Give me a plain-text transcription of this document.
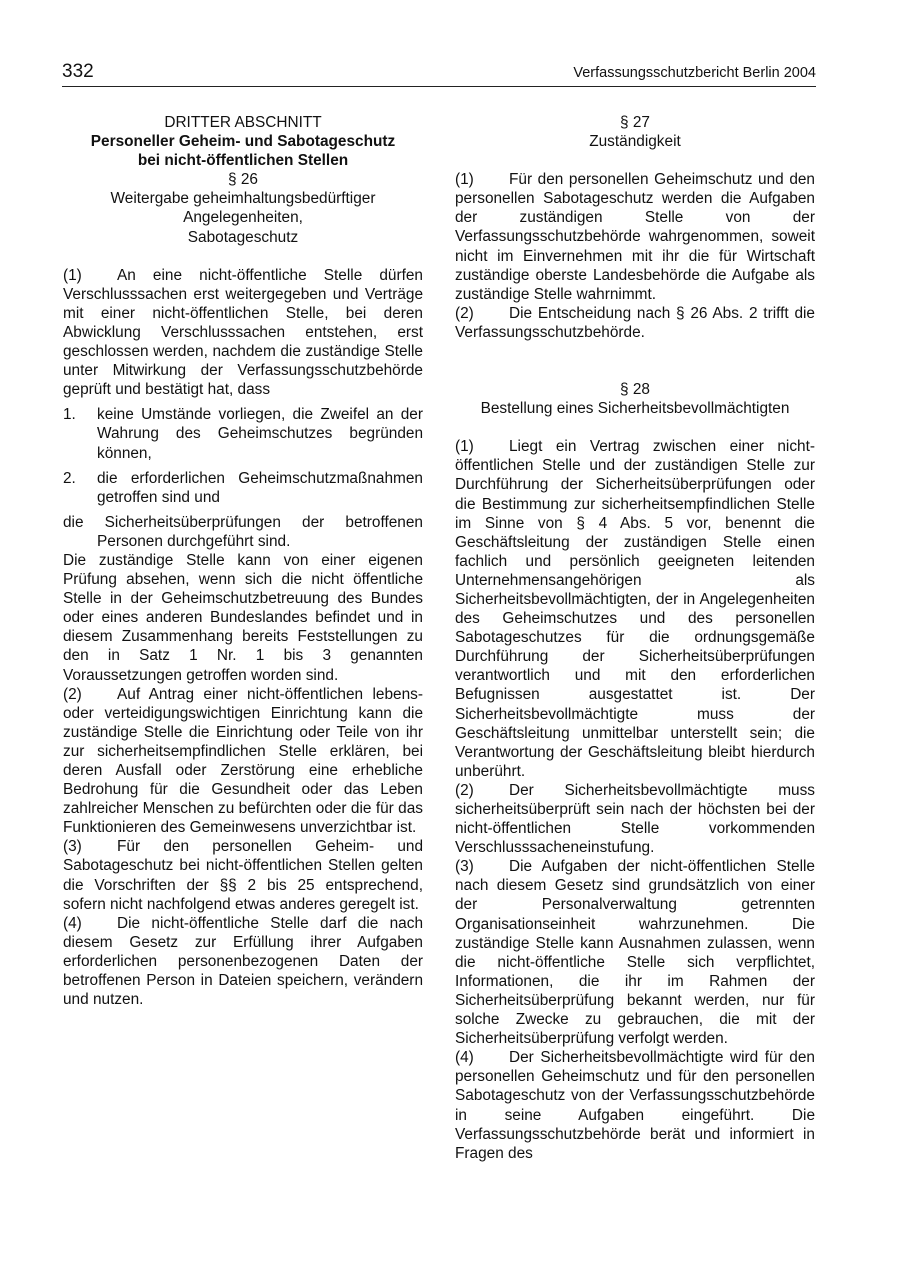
332	Verfassungsschutzbericht Berlin 2004
DRITTER ABSCHNITT
Personeller Geheim- und Sabotageschutz
bei nicht-öffentlichen Stellen
§ 26
Weitergabe geheimhaltungsbedürftiger
Angelegenheiten,
Sabotageschutz

(1) An eine nicht-öffentliche Stelle dürfen Verschlusssachen erst weitergegeben und Verträge mit einer nicht-öffentlichen Stelle, bei deren Abwicklung Verschlusssachen entstehen, erst geschlossen werden, nachdem die zuständige Stelle unter Mitwirkung der Verfassungsschutzbehörde geprüft und bestätigt hat, dass

1.	keine Umstände vorliegen, die Zweifel an der Wahrung des Geheimschutzes begründen können,
2.	die erforderlichen Geheimschutzmaßnahmen getroffen sind und
die Sicherheitsüberprüfungen der betroffenen Personen durchgeführt sind.

Die zuständige Stelle kann von einer eigenen Prüfung absehen, wenn sich die nicht öffentliche Stelle in der Geheimschutzbetreuung des Bundes oder eines anderen Bundeslandes befindet und in diesem Zusammenhang bereits Feststellungen zu den in Satz 1 Nr. 1 bis 3 genannten Voraussetzungen getroffen worden sind.

(2) Auf Antrag einer nicht-öffentlichen lebens- oder verteidigungswichtigen Einrichtung kann die zuständige Stelle die Einrichtung oder Teile von ihr zur sicherheitsempfindlichen Stelle erklären, bei deren Ausfall oder Zerstörung eine erhebliche Bedrohung für die Gesundheit oder das Leben zahlreicher Menschen zu befürchten oder die für das Funktionieren des Gemeinwesens unverzichtbar ist.

(3) Für den personellen Geheim- und Sabotageschutz bei nicht-öffentlichen Stellen gelten die Vorschriften der §§ 2 bis 25 entsprechend, sofern nicht nachfolgend etwas anderes geregelt ist.

(4) Die nicht-öffentliche Stelle darf die nach diesem Gesetz zur Erfüllung ihrer Aufgaben erforderlichen personenbezogenen Daten der betroffenen Person in Dateien speichern, verändern und nutzen.

§ 27
Zuständigkeit

(1) Für den personellen Geheimschutz und den personellen Sabotageschutz werden die Aufgaben der zuständigen Stelle von der Verfassungsschutzbehörde wahrgenommen, soweit nicht im Einvernehmen mit ihr die für Wirtschaft zuständige oberste Landesbehörde die Aufgabe als zuständige Stelle wahrnimmt.

(2) Die Entscheidung nach § 26 Abs. 2 trifft die Verfassungsschutzbehörde.

§ 28
Bestellung eines Sicherheitsbevollmächtigten

(1) Liegt ein Vertrag zwischen einer nicht-öffentlichen Stelle und der zuständigen Stelle zur Durchführung der Sicherheitsüberprüfungen oder die Bestimmung zur sicherheitsempfindlichen Stelle im Sinne von § 4 Abs. 5 vor, benennt die Geschäftsleitung der zuständigen Stelle einen fachlich und persönlich geeigneten leitenden Unternehmensangehörigen als Sicherheitsbevollmächtigten, der in Angelegenheiten des Geheimschutzes und des personellen Sabotageschutzes für die ordnungsgemäße Durchführung der Sicherheitsüberprüfungen verantwortlich und mit den erforderlichen Befugnissen ausgestattet ist. Der Sicherheitsbevollmächtigte muss der Geschäftsleitung unmittelbar unterstellt sein; die Verantwortung der Geschäftsleitung bleibt hierdurch unberührt.

(2) Der Sicherheitsbevollmächtigte muss sicherheitsüberprüft sein nach der höchsten bei der nicht-öffentlichen Stelle vorkommenden Verschlusssacheneinstufung.

(3) Die Aufgaben der nicht-öffentlichen Stelle nach diesem Gesetz sind grundsätzlich von einer der Personalverwaltung getrennten Organisationseinheit wahrzunehmen. Die zuständige Stelle kann Ausnahmen zulassen, wenn die nicht-öffentliche Stelle sich verpflichtet, Informationen, die ihr im Rahmen der Sicherheitsüberprüfung bekannt werden, nur für solche Zwecke zu gebrauchen, die mit der Sicherheitsüberprüfung verfolgt werden.

(4) Der Sicherheitsbevollmächtigte wird für den personellen Geheimschutz und für den personellen Sabotageschutz von der Verfassungsschutzbehörde in seine Aufgaben eingeführt. Die Verfassungsschutzbehörde berät und informiert in Fragen des
